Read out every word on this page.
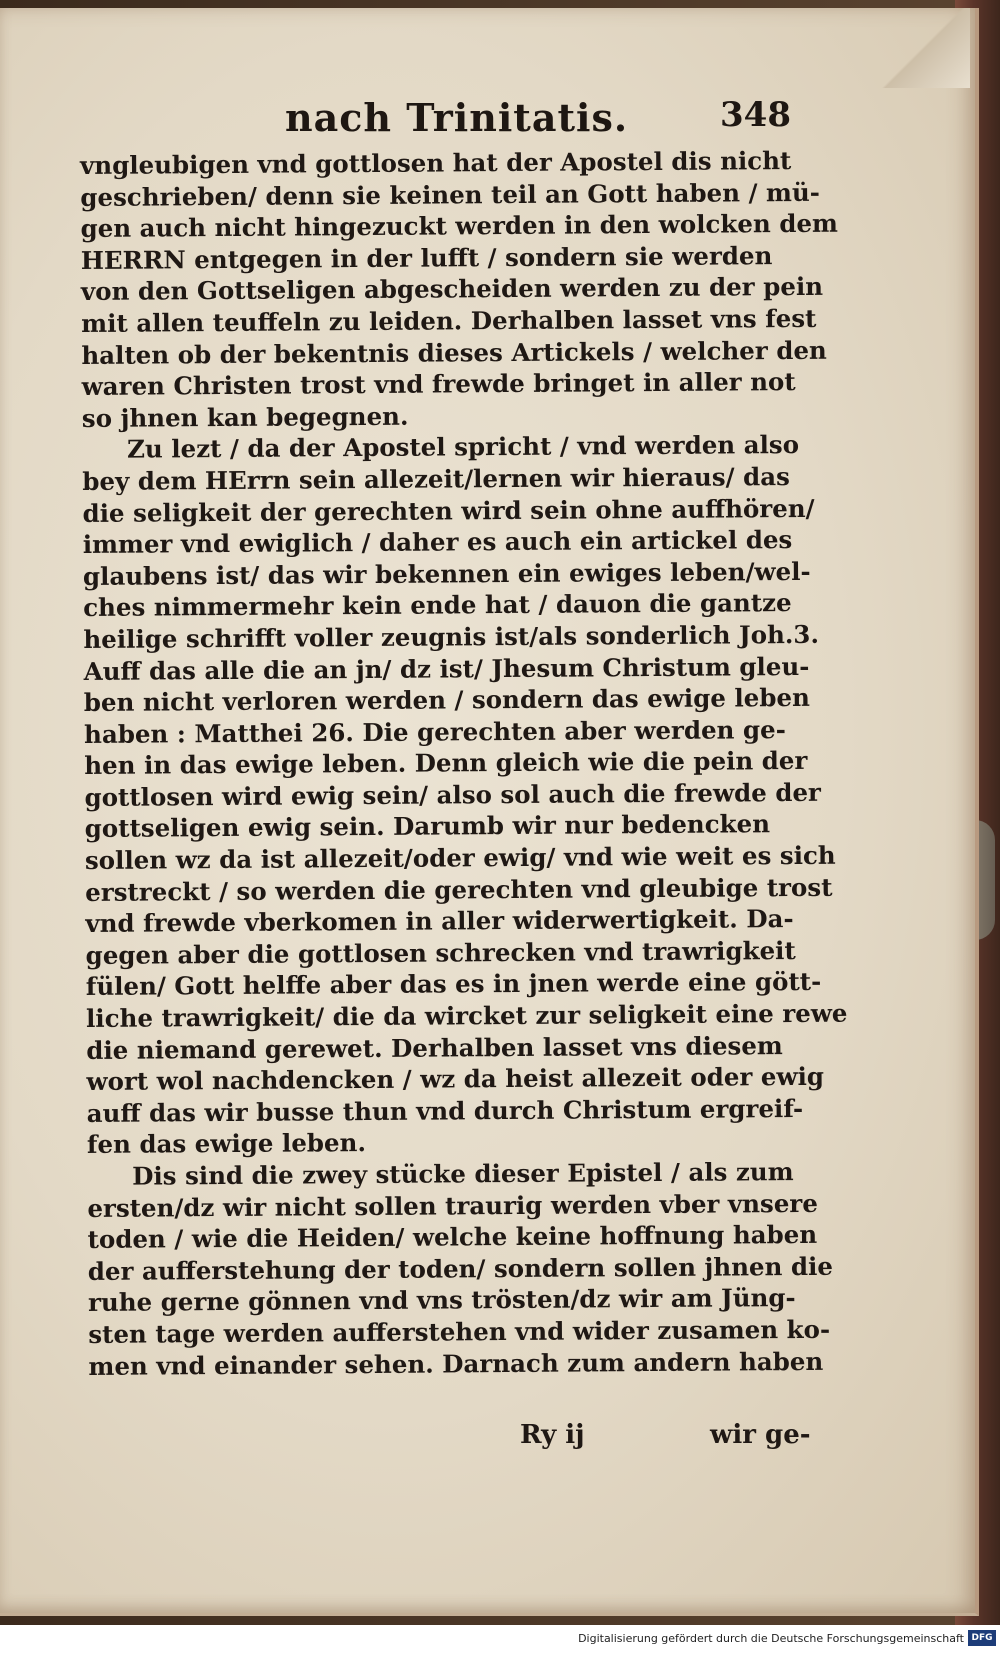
nach Trinitatis.	348
vngleubigen vnd gottlosen hat der Apostel dis nicht
geschrieben/ denn sie keinen teil an Gott haben / mü-
gen auch nicht hingezuckt werden in den wolcken dem
HERRN entgegen in der lufft / sondern sie werden
von den Gottseligen abgescheiden werden zu der pein
mit allen teuffeln zu leiden. Derhalben lasset vns fest
halten ob der bekentnis dieses Artickels / welcher den
waren Christen trost vnd frewde bringet in aller not
so jhnen kan begegnen.
Zu lezt / da der Apostel spricht / vnd werden also
bey dem HErrn sein allezeit/lernen wir hieraus/ das
die seligkeit der gerechten wird sein ohne auffhören/
immer vnd ewiglich / daher es auch ein artickel des
glaubens ist/ das wir bekennen ein ewiges leben/wel-
ches nimmermehr kein ende hat / dauon die gantze
heilige schrifft voller zeugnis ist/als sonderlich Joh.3.
Auff das alle die an jn/ dz ist/ Jhesum Christum gleu-
ben nicht verloren werden / sondern das ewige leben
haben : Matthei 26. Die gerechten aber werden ge-
hen in das ewige leben. Denn gleich wie die pein der
gottlosen wird ewig sein/ also sol auch die frewde der
gottseligen ewig sein. Darumb wir nur bedencken
sollen wz da ist allezeit/oder ewig/ vnd wie weit es sich
erstreckt / so werden die gerechten vnd gleubige trost
vnd frewde vberkomen in aller widerwertigkeit. Da-
gegen aber die gottlosen schrecken vnd trawrigkeit
fülen/ Gott helffe aber das es in jnen werde eine gött-
liche trawrigkeit/ die da wircket zur seligkeit eine rewe
die niemand gerewet. Derhalben lasset vns diesem
wort wol nachdencken / wz da heist allezeit oder ewig
auff das wir busse thun vnd durch Christum ergreif-
fen das ewige leben.
Dis sind die zwey stücke dieser Epistel / als zum
ersten/dz wir nicht sollen traurig werden vber vnsere
toden / wie die Heiden/ welche keine hoffnung haben
der aufferstehung der toden/ sondern sollen jhnen die
ruhe gerne gönnen vnd vns trösten/dz wir am Jüng-
sten tage werden aufferstehen vnd wider zusamen ko-
men vnd einander sehen. Darnach zum andern haben
Ry ij	wir ge-
Digitalisierung gefördert durch die Deutsche Forschungsgemeinschaft DFG
